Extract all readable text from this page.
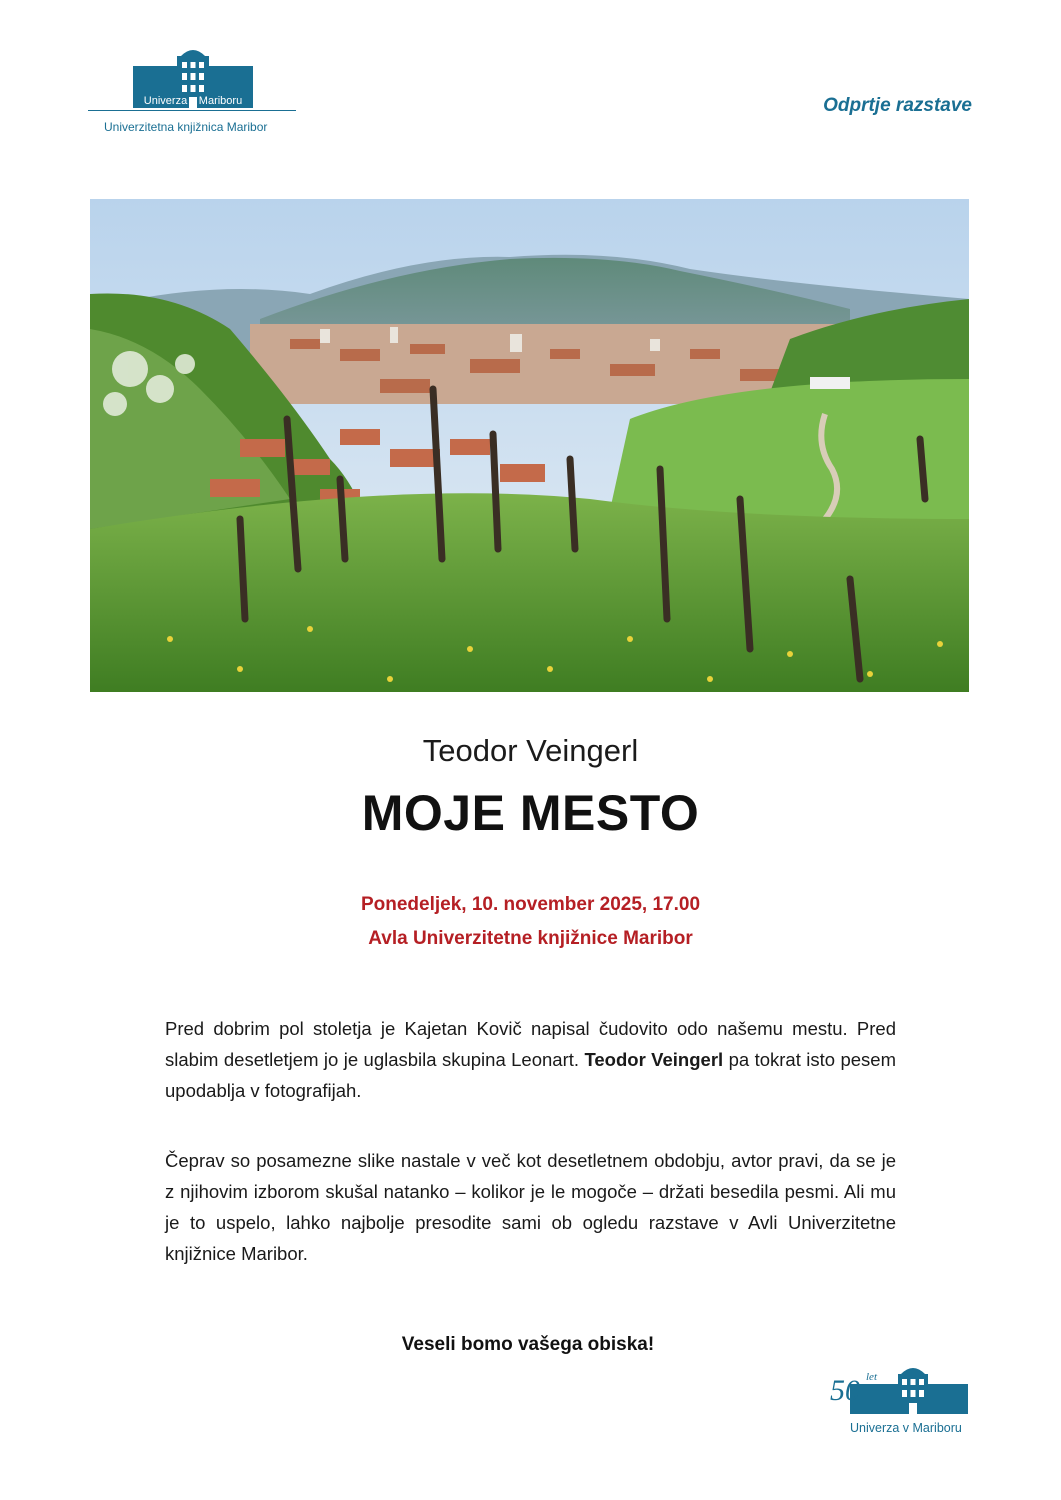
Univerza v Mariboru
Univerzitetna knjižnica Maribor
Odprtje razstave
Teodor Veingerl
MOJE MESTO
Ponedeljek, 10. november 2025, 17.00
Avla Univerzitetne knjižnice Maribor
Pred dobrim pol stoletja je Kajetan Kovič napisal čudovito odo našemu mestu. Pred slabim desetletjem jo je uglasbila skupina Leonart. Teodor Veingerl pa tokrat isto pesem upodablja v fotografijah.
Čeprav so posamezne slike nastale v več kot desetletnem obdobju, avtor pravi, da se je z njihovim izborom skušal natanko – kolikor je le mogoče – držati besedila pesmi. Ali mu je to uspelo, lahko najbolje presodite sami ob ogledu razstave v Avli Univerzitetne knjižnice Maribor.
Veseli bomo vašega obiska!
50 let
Univerza v Mariboru
